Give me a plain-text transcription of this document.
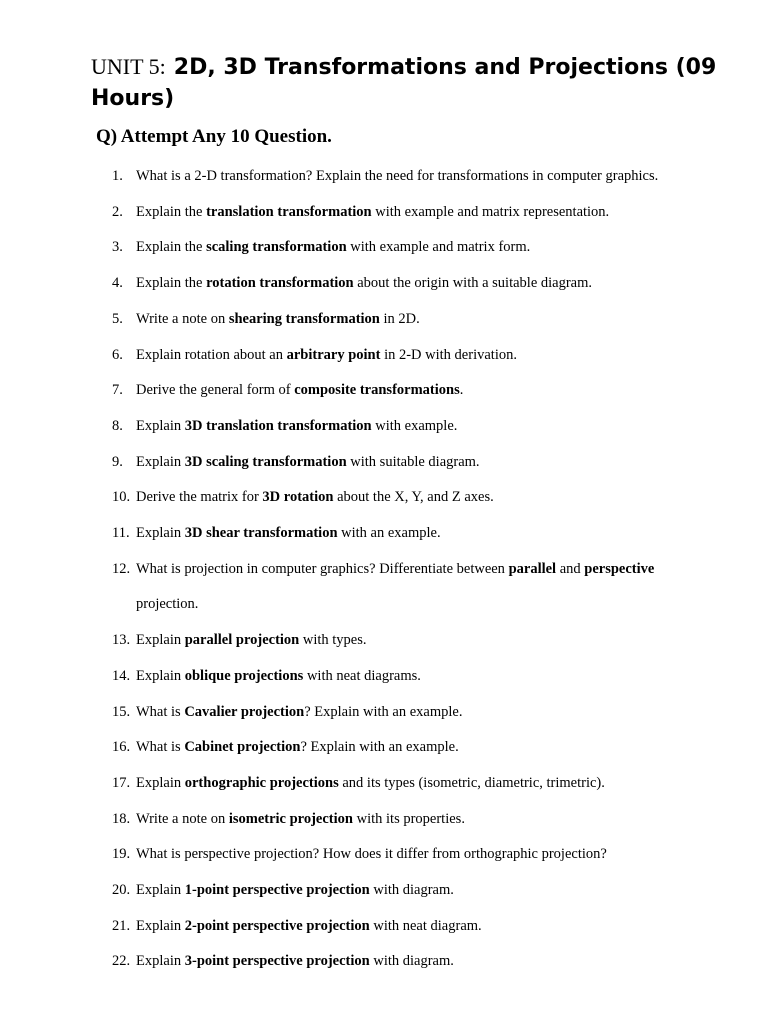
UNIT 5: 2D, 3D Transformations and Projections (09 Hours)
Q) Attempt Any 10 Question.
1. What is a 2-D transformation? Explain the need for transformations in computer graphics.
2. Explain the translation transformation with example and matrix representation.
3. Explain the scaling transformation with example and matrix form.
4. Explain the rotation transformation about the origin with a suitable diagram.
5. Write a note on shearing transformation in 2D.
6. Explain rotation about an arbitrary point in 2-D with derivation.
7. Derive the general form of composite transformations.
8. Explain 3D translation transformation with example.
9. Explain 3D scaling transformation with suitable diagram.
10. Derive the matrix for 3D rotation about the X, Y, and Z axes.
11. Explain 3D shear transformation with an example.
12. What is projection in computer graphics? Differentiate between parallel and perspective
projection.
13. Explain parallel projection with types.
14. Explain oblique projections with neat diagrams.
15. What is Cavalier projection? Explain with an example.
16. What is Cabinet projection? Explain with an example.
17. Explain orthographic projections and its types (isometric, diametric, trimetric).
18. Write a note on isometric projection with its properties.
19. What is perspective projection? How does it differ from orthographic projection?
20. Explain 1-point perspective projection with diagram.
21. Explain 2-point perspective projection with neat diagram.
22. Explain 3-point perspective projection with diagram.
